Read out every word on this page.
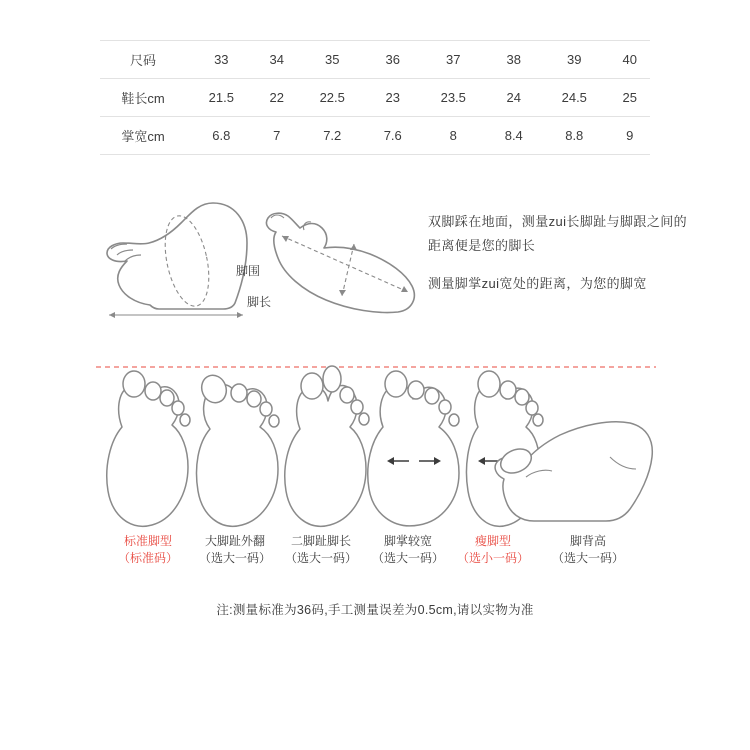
尺码	33	34	35	36	37	38	39	40
鞋长cm	21.5	22	22.5	23	23.5	24	24.5	25
掌宽cm	6.8	7	7.2	7.6	8	8.4	8.8	9
脚围
脚长
双脚踩在地面，测量zui长脚趾与脚跟之间的距离便是您的脚长
测量脚掌zui宽处的距离，为您的脚宽
标准脚型
（标准码）
大脚趾外翻
（选大一码）
二脚趾脚长
（选大一码）
脚掌较宽
（选大一码）
瘦脚型
（选小一码）
脚背高
（选大一码）
注:测量标准为36码,手工测量误差为0.5cm,请以实物为准
